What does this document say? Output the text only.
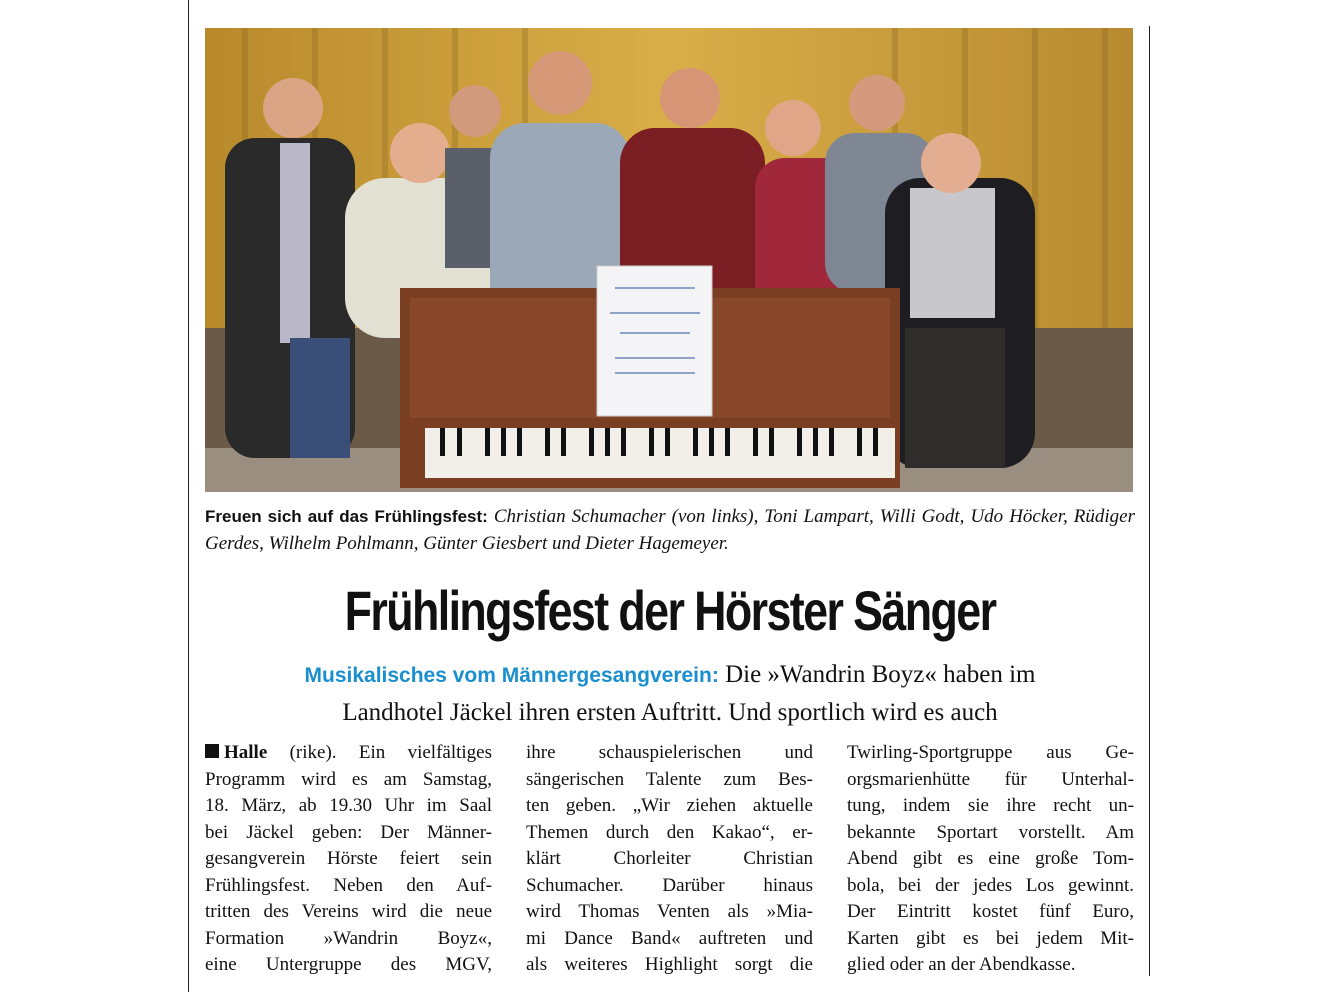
Freuen sich auf das Frühlingsfest: Christian Schumacher (von links), Toni Lampart, Willi Godt, Udo Höcker, Rüdiger Gerdes, Wilhelm Pohlmann, Günter Giesbert und Dieter Hagemeyer.
Frühlingsfest der Hörster Sänger
Musikalisches vom Männergesangverein: Die »Wandrin Boyz« haben im
Landhotel Jäckel ihren ersten Auftritt. Und sportlich wird es auch
Halle (rike). Ein vielfältiges
Programm wird es am Samstag,
18. März, ab 19.30 Uhr im Saal
bei Jäckel geben: Der Männer-
gesangverein Hörste feiert sein
Frühlingsfest. Neben den Auf-
tritten des Vereins wird die neue
Formation »Wandrin Boyz«,
eine Untergruppe des MGV,
ihre schauspielerischen und
sängerischen Talente zum Bes-
ten geben. „Wir ziehen aktuelle
Themen durch den Kakao“, er-
klärt Chorleiter Christian
Schumacher. Darüber hinaus
wird Thomas Venten als »Mia-
mi Dance Band« auftreten und
als weiteres Highlight sorgt die
Twirling-Sportgruppe aus Ge-
orgsmarienhütte für Unterhal-
tung, indem sie ihre recht un-
bekannte Sportart vorstellt. Am
Abend gibt es eine große Tom-
bola, bei der jedes Los gewinnt.
Der Eintritt kostet fünf Euro,
Karten gibt es bei jedem Mit-
glied oder an der Abendkasse.
